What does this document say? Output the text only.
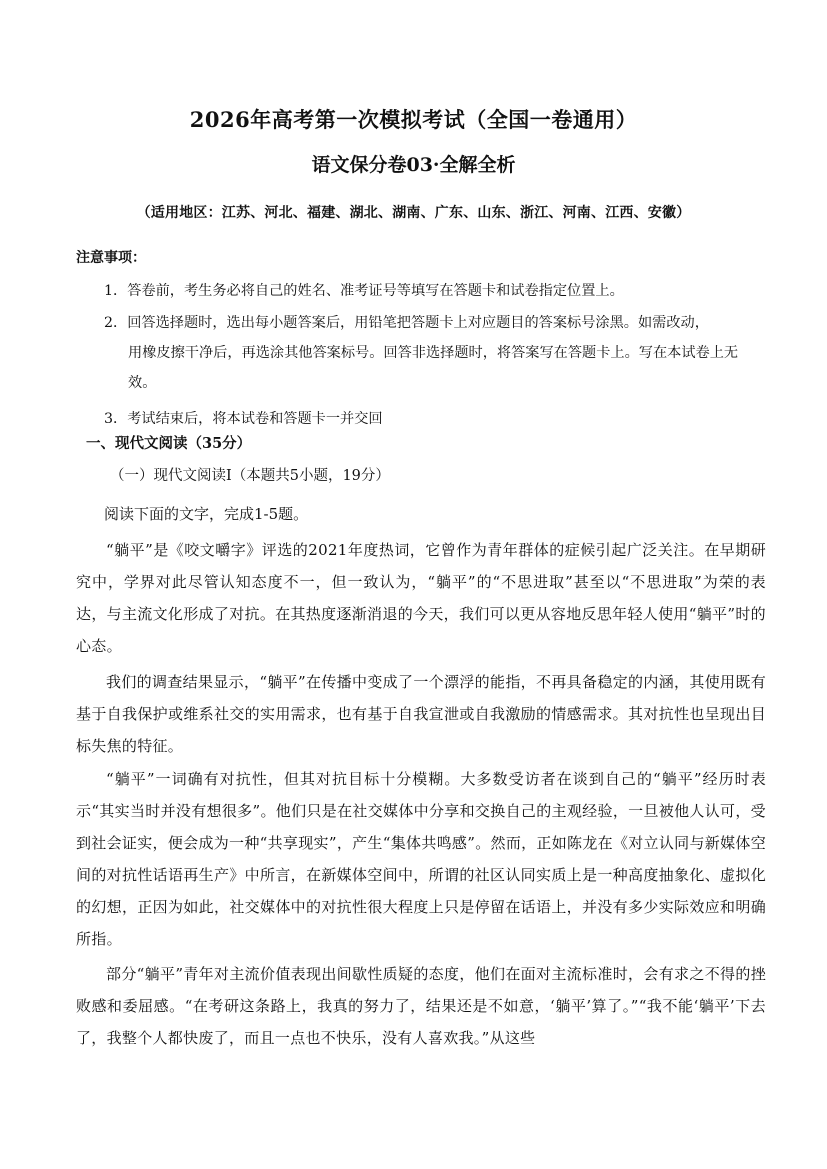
2026年高考第一次模拟考试（全国一卷通用）
语文保分卷03·全解全析
（适用地区：江苏、河北、福建、湖北、湖南、广东、山东、浙江、河南、江西、安徽）
注意事项：
1．答卷前，考生务必将自己的姓名、准考证号等填写在答题卡和试卷指定位置上。
2．回答选择题时，选出每小题答案后，用铅笔把答题卡上对应题目的答案标号涂黑。如需改动，
用橡皮擦干净后，再选涂其他答案标号。回答非选择题时，将答案写在答题卡上。写在本试卷上无效。
3．考试结束后，将本试卷和答题卡一并交回
一、现代文阅读（35分）
（一）现代文阅读Ⅰ（本题共5小题，19分）
阅读下面的文字，完成1-5题。
“躺平”是《咬文嚼字》评选的2021年度热词，它曾作为青年群体的症候引起广泛关注。在早期研究中，学界对此尽管认知态度不一，但一致认为，“躺平”的“不思进取”甚至以“不思进取”为荣的表达，与主流文化形成了对抗。在其热度逐渐消退的今天，我们可以更从容地反思年轻人使用“躺平”时的心态。
我们的调查结果显示，“躺平”在传播中变成了一个漂浮的能指，不再具备稳定的内涵，其使用既有基于自我保护或维系社交的实用需求，也有基于自我宣泄或自我激励的情感需求。其对抗性也呈现出目标失焦的特征。
“躺平”一词确有对抗性，但其对抗目标十分模糊。大多数受访者在谈到自己的“躺平”经历时表示“其实当时并没有想很多”。他们只是在社交媒体中分享和交换自己的主观经验，一旦被他人认可，受到社会证实，便会成为一种“共享现实”，产生“集体共鸣感”。然而，正如陈龙在《对立认同与新媒体空间的对抗性话语再生产》中所言，在新媒体空间中，所谓的社区认同实质上是一种高度抽象化、虚拟化的幻想，正因为如此，社交媒体中的对抗性很大程度上只是停留在话语上，并没有多少实际效应和明确所指。
部分“躺平”青年对主流价值表现出间歇性质疑的态度，他们在面对主流标准时，会有求之不得的挫败感和委屈感。“在考研这条路上，我真的努力了，结果还是不如意，‘躺平’算了。”“我不能‘躺平’下去了，我整个人都快废了，而且一点也不快乐，没有人喜欢我。”从这些
